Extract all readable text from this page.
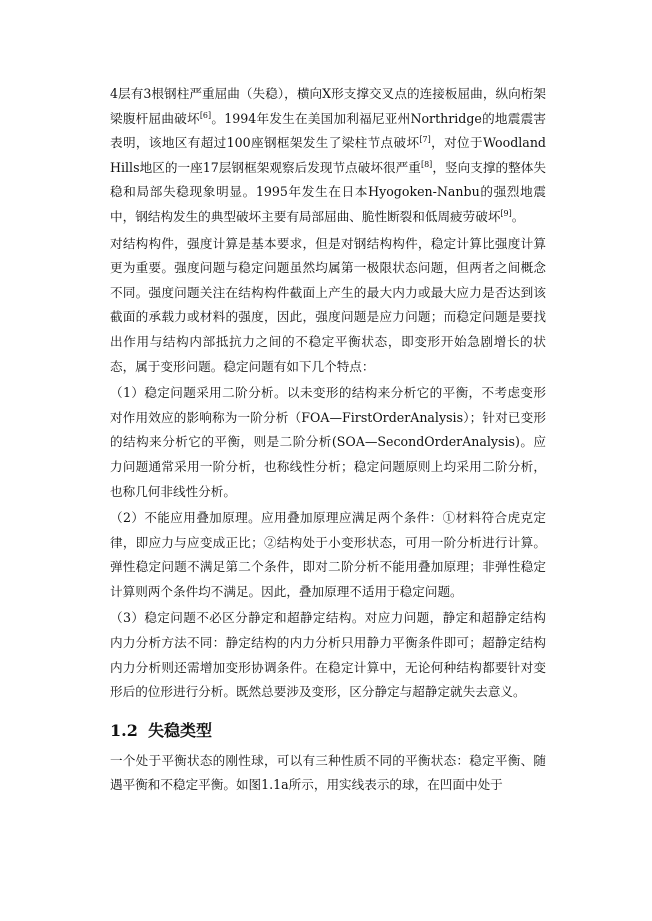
4层有3根钢柱严重屈曲（失稳），横向X形支撑交叉点的连接板屈曲，纵向桁架梁腹杆屈曲破坏[6]。1994年发生在美国加利福尼亚州Northridge的地震震害表明，该地区有超过100座钢框架发生了梁柱节点破坏[7]，对位于WoodlandHills地区的一座17层钢框架观察后发现节点破坏很严重[8]，竖向支撑的整体失稳和局部失稳现象明显。1995年发生在日本Hyogoken-Nanbu的强烈地震中，钢结构发生的典型破坏主要有局部屈曲、脆性断裂和低周疲劳破坏[9]。

对结构构件，强度计算是基本要求，但是对钢结构构件，稳定计算比强度计算更为重要。强度问题与稳定问题虽然均属第一极限状态问题，但两者之间概念不同。强度问题关注在结构构件截面上产生的最大内力或最大应力是否达到该截面的承载力或材料的强度，因此，强度问题是应力问题；而稳定问题是要找出作用与结构内部抵抗力之间的不稳定平衡状态，即变形开始急剧增长的状态，属于变形问题。稳定问题有如下几个特点：

（1）稳定问题采用二阶分析。以未变形的结构来分析它的平衡，不考虑变形对作用效应的影响称为一阶分析（FOA—FirstOrderAnalysis）；针对已变形的结构来分析它的平衡，则是二阶分析(SOA—SecondOrderAnalysis)。应力问题通常采用一阶分析，也称线性分析；稳定问题原则上均采用二阶分析，也称几何非线性分析。

（2）不能应用叠加原理。应用叠加原理应满足两个条件：①材料符合虎克定律，即应力与应变成正比；②结构处于小变形状态，可用一阶分析进行计算。弹性稳定问题不满足第二个条件，即对二阶分析不能用叠加原理；非弹性稳定计算则两个条件均不满足。因此，叠加原理不适用于稳定问题。

（3）稳定问题不必区分静定和超静定结构。对应力问题，静定和超静定结构内力分析方法不同：静定结构的内力分析只用静力平衡条件即可；超静定结构内力分析则还需增加变形协调条件。在稳定计算中，无论何种结构都要针对变形后的位形进行分析。既然总要涉及变形，区分静定与超静定就失去意义。

1.2 失稳类型

一个处于平衡状态的刚性球，可以有三种性质不同的平衡状态：稳定平衡、随遇平衡和不稳定平衡。如图1.1a所示，用实线表示的球，在凹面中处于
